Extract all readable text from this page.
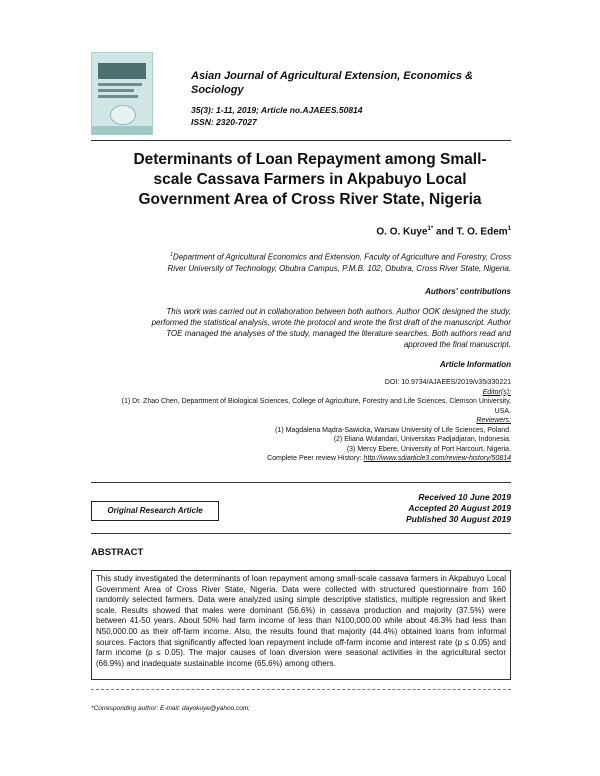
Asian Journal of Agricultural Extension, Economics &
Sociology
35(3): 1-11, 2019; Article no.AJAEES.50814
ISSN: 2320-7027
Determinants of Loan Repayment among Small-
scale Cassava Farmers in Akpabuyo Local
Government Area of Cross River State, Nigeria
O. O. Kuye$^{1*}$ and T. O. Edem$^1$
$^1$Department of Agricultural Economics and Extension, Faculty of Agriculture and Forestry, Cross
River University of Technology, Obubra Campus, P.M.B. 102, Obubra, Cross River State, Nigeria.
Authors' contributions
This work was carried out in collaboration between both authors. Author OOK designed the study,
performed the statistical analysis, wrote the protocol and wrote the first draft of the manuscript. Author
TOE managed the analyses of the study, managed the literature searches. Both authors read and
approved the final manuscript.
Article Information
DOI: 10.9734/AJAEES/2019/v35i330221
Editor(s):
(1) Dr. Zhao Chen, Department of Biological Sciences, College of Agriculture, Forestry and Life Sciences, Clemson University,
USA.
Reviewers:
(1) Magdalena Mądra-Sawicka, Warsaw University of Life Sciences, Poland.
(2) Eliana Wulandari, Universitas Padjadjaran, Indonesia.
(3) Mercy Ebere, University of Port Harcourt, Nigeria.
Complete Peer review History: http://www.sdiarticle3.com/review-history/50814
Received 10 June 2019
Accepted 20 August 2019
Published 30 August 2019
Original Research Article
ABSTRACT
This study investigated the determinants of loan repayment among small-scale cassava farmers in Akpabuyo Local Government Area of Cross River State, Nigeria. Data were collected with structured questionnaire from 160 randomly selected farmers. Data were analyzed using simple descriptive statistics, multiple regression and likert scale. Results showed that males were dominant (56.6%) in cassava production and majority (37.5%) were between 41-50 years. About 50% had farm income of less than N100,000.00 while about 46.3% had less than N50,000.00 as their off-farm income. Also, the results found that majority (44.4%) obtained loans from informal sources. Factors that significantly affected loan repayment include off-farm income and interest rate (p ≤ 0.05) and farm income (p ≤ 0.05). The major causes of loan diversion were seasonal activities in the agricultural sector (66.9%) and inadequate sustainable income (65.6%) among others.
*Corresponding author: E-mail: dayokuye@yahoo.com;
